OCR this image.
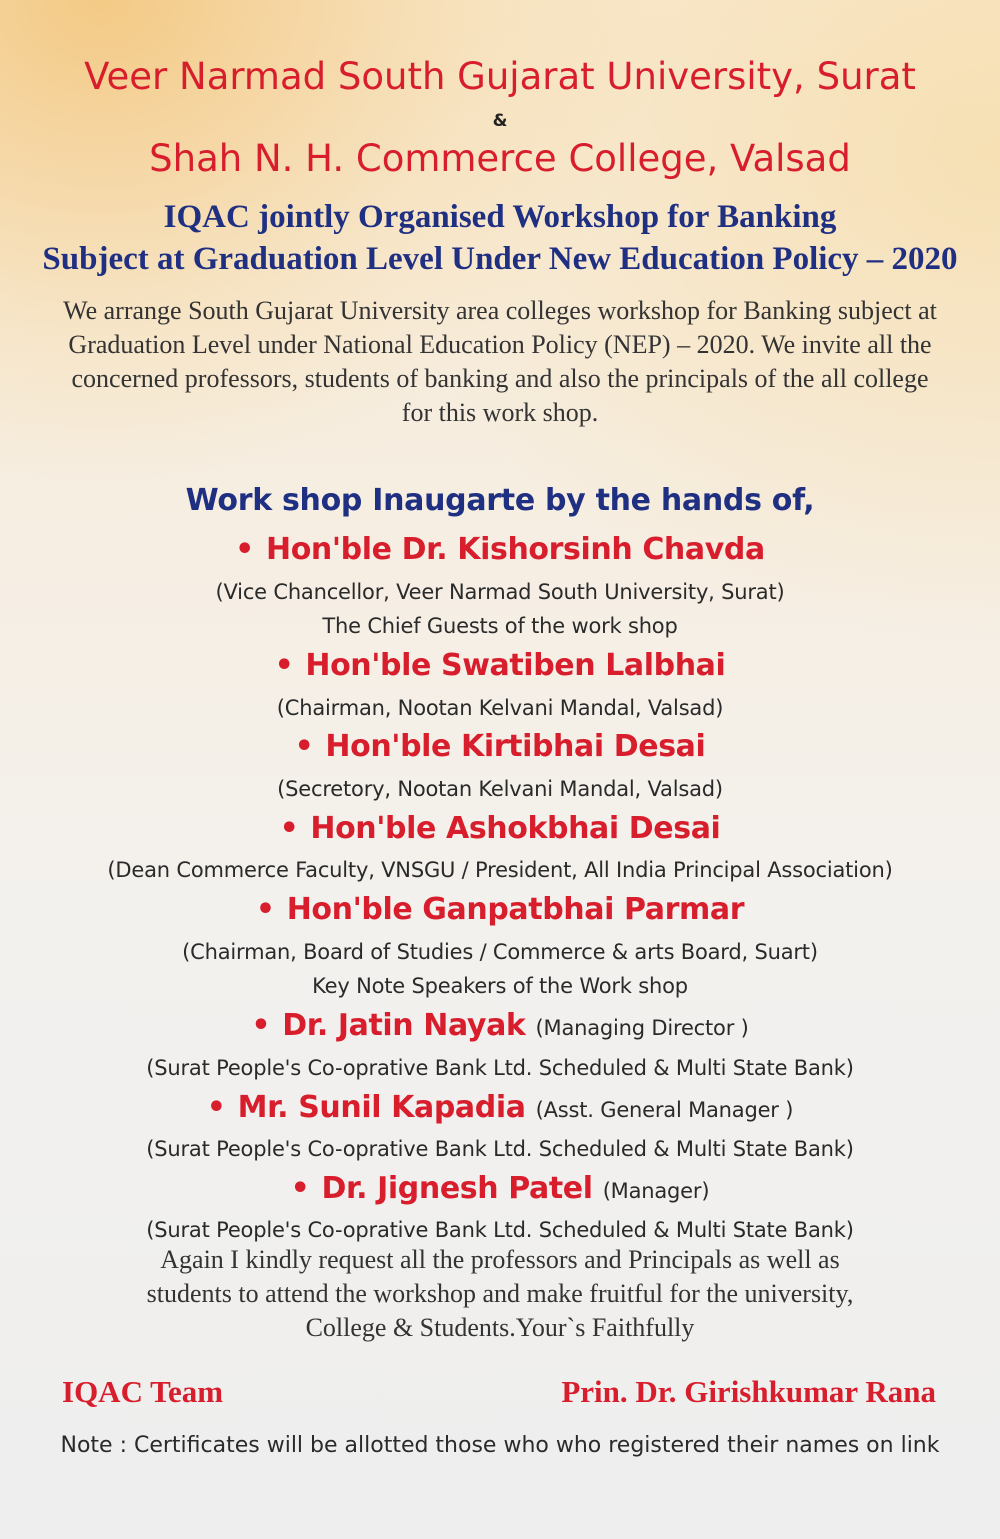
Veer Narmad South Gujarat University, Surat
&
Shah N. H. Commerce College, Valsad
IQAC jointly Organised Workshop for Banking
Subject at Graduation Level Under New Education Policy – 2020
We arrange South Gujarat University area colleges workshop for Banking subject at
Graduation Level under National Education Policy (NEP) – 2020. We invite all the
concerned professors, students of banking and also the principals of the all college
for this work shop.
Work shop Inaugarte by the hands of,
• Hon'ble Dr. Kishorsinh Chavda
(Vice Chancellor, Veer Narmad South University, Surat)
The Chief Guests of the work shop
• Hon'ble Swatiben Lalbhai
(Chairman, Nootan Kelvani Mandal, Valsad)
• Hon'ble Kirtibhai Desai
(Secretory, Nootan Kelvani Mandal, Valsad)
• Hon'ble Ashokbhai Desai
(Dean Commerce Faculty, VNSGU / President, All India Principal Association)
• Hon'ble Ganpatbhai Parmar
(Chairman, Board of Studies / Commerce & arts Board, Suart)
Key Note Speakers of the Work shop
• Dr. Jatin Nayak (Managing Director )
(Surat People's Co-oprative Bank Ltd. Scheduled & Multi State Bank)
• Mr. Sunil Kapadia (Asst. General Manager )
(Surat People's Co-oprative Bank Ltd. Scheduled & Multi State Bank)
• Dr. Jignesh Patel (Manager)
(Surat People's Co-oprative Bank Ltd. Scheduled & Multi State Bank)
Again I kindly request all the professors and Principals as well as
students to attend the workshop and make fruitful for the university,
College & Students.Your`s Faithfully
IQAC Team	Prin. Dr. Girishkumar Rana
Note : Certificates will be allotted those who who registered their names on link
